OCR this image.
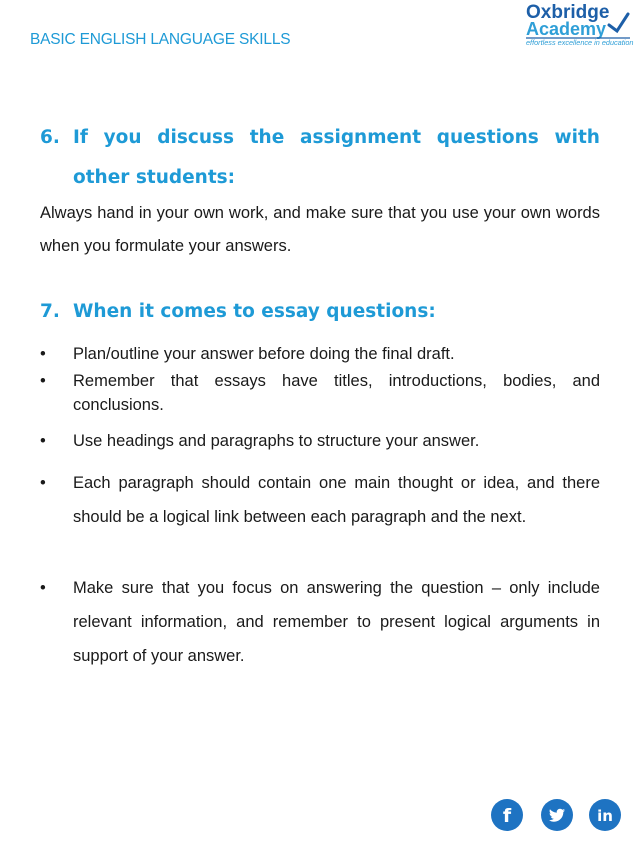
BASIC ENGLISH LANGUAGE SKILLS
Oxbridge
Academy
effortless excellence in education
6. If you discuss the assignment questions with
other students:

Always hand in your own work, and make sure that you use your own words when you formulate your answers.

7. When it comes to essay questions:
• Plan/outline your answer before doing the final draft.
• Remember that essays have titles, introductions, bodies, and conclusions.
• Use headings and paragraphs to structure your answer.
• Each paragraph should contain one main thought or idea, and there should be a logical link between each paragraph and the next.
• Make sure that you focus on answering the question – only include relevant information, and remember to present logical arguments in support of your answer.
f	in
